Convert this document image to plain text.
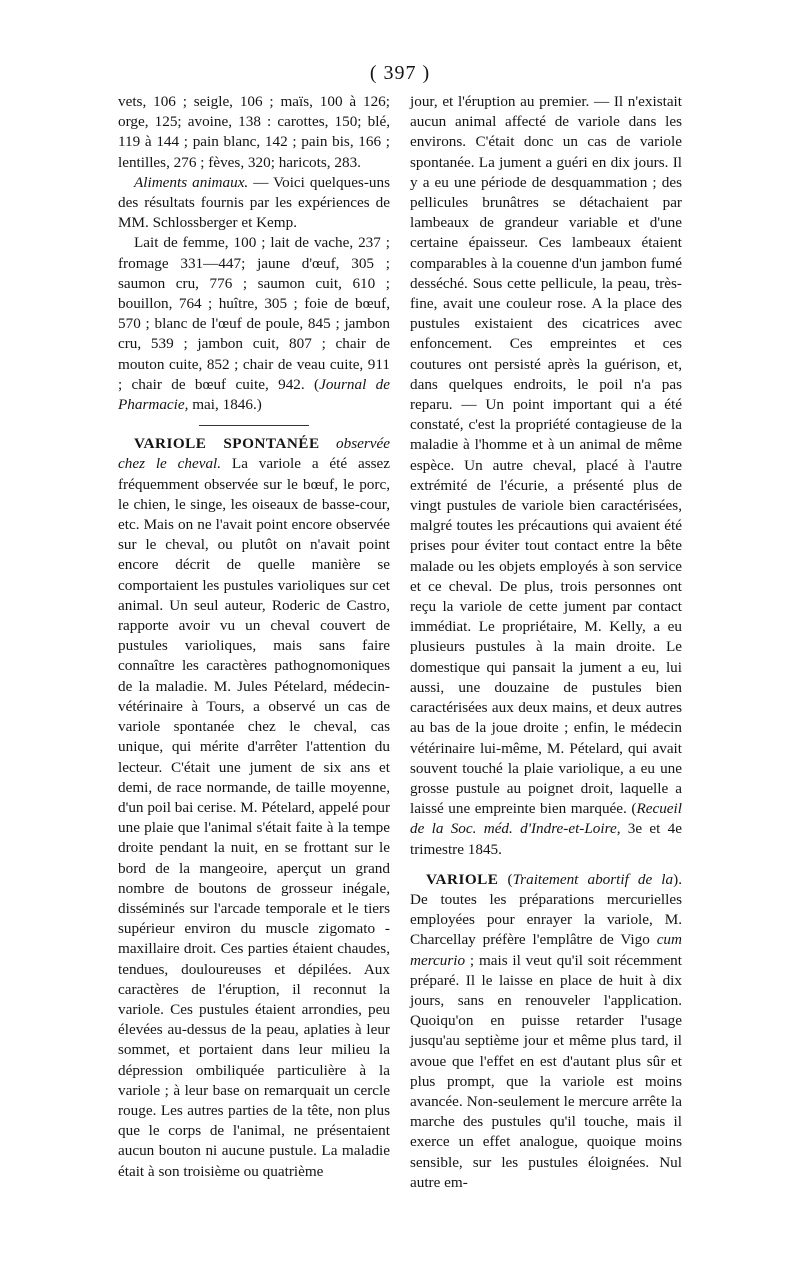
( 397 )

vets, 106 ; seigle, 106 ; maïs, 100 à 126; orge, 125; avoine, 138 : carottes, 150; blé, 119 à 144 ; pain blanc, 142 ; pain bis, 166 ; lentilles, 276 ; fèves, 320; haricots, 283.

Aliments animaux. — Voici quelques-uns des résultats fournis par les expériences de MM. Schlossberger et Kemp.

Lait de femme, 100 ; lait de vache, 237 ; fromage 331—447; jaune d'œuf, 305 ; saumon cru, 776 ; saumon cuit, 610 ; bouillon, 764 ; huître, 305 ; foie de bœuf, 570 ; blanc de l'œuf de poule, 845 ; jambon cru, 539 ; jambon cuit, 807 ; chair de mouton cuite, 852 ; chair de veau cuite, 911 ; chair de bœuf cuite, 942. (Journal de Pharmacie, mai, 1846.)

VARIOLE SPONTANÉE observée chez le cheval. La variole a été assez fréquemment observée sur le bœuf, le porc, le chien, le singe, les oiseaux de basse-cour, etc. Mais on ne l'avait point encore observée sur le cheval, ou plutôt on n'avait point encore décrit de quelle manière se comportaient les pustules varioliques sur cet animal. Un seul auteur, Roderic de Castro, rapporte avoir vu un cheval couvert de pustules varioliques, mais sans faire connaître les caractères pathognomoniques de la maladie. M. Jules Pételard, médecin-vétérinaire à Tours, a observé un cas de variole spontanée chez le cheval, cas unique, qui mérite d'arrêter l'attention du lecteur. C'était une jument de six ans et demi, de race normande, de taille moyenne, d'un poil bai cerise. M. Pételard, appelé pour une plaie que l'animal s'était faite à la tempe droite pendant la nuit, en se frottant sur le bord de la mangeoire, aperçut un grand nombre de boutons de grosseur inégale, disséminés sur l'arcade temporale et le tiers supérieur environ du muscle zigomato - maxillaire droit. Ces parties étaient chaudes, tendues, douloureuses et dépilées. Aux caractères de l'éruption, il reconnut la variole. Ces pustules étaient arrondies, peu élevées au-dessus de la peau, aplaties à leur sommet, et portaient dans leur milieu la dépression ombiliquée particulière à la variole ; à leur base on remarquait un cercle rouge. Les autres parties de la tête, non plus que le corps de l'animal, ne présentaient aucun bouton ni aucune pustule. La maladie était à son troisième ou quatrième

jour, et l'éruption au premier. — Il n'existait aucun animal affecté de variole dans les environs. C'était donc un cas de variole spontanée. La jument a guéri en dix jours. Il y a eu une période de desquammation ; des pellicules brunâtres se détachaient par lambeaux de grandeur variable et d'une certaine épaisseur. Ces lambeaux étaient comparables à la couenne d'un jambon fumé desséché. Sous cette pellicule, la peau, très-fine, avait une couleur rose. A la place des pustules existaient des cicatrices avec enfoncement. Ces empreintes et ces coutures ont persisté après la guérison, et, dans quelques endroits, le poil n'a pas reparu. — Un point important qui a été constaté, c'est la propriété contagieuse de la maladie à l'homme et à un animal de même espèce. Un autre cheval, placé à l'autre extrémité de l'écurie, a présenté plus de vingt pustules de variole bien caractérisées, malgré toutes les précautions qui avaient été prises pour éviter tout contact entre la bête malade ou les objets employés à son service et ce cheval. De plus, trois personnes ont reçu la variole de cette jument par contact immédiat. Le propriétaire, M. Kelly, a eu plusieurs pustules à la main droite. Le domestique qui pansait la jument a eu, lui aussi, une douzaine de pustules bien caractérisées aux deux mains, et deux autres au bas de la joue droite ; enfin, le médecin vétérinaire lui-même, M. Pételard, qui avait souvent touché la plaie variolique, a eu une grosse pustule au poignet droit, laquelle a laissé une empreinte bien marquée. (Recueil de la Soc. méd. d'Indre-et-Loire, 3e et 4e trimestre 1845.

VARIOLE (Traitement abortif de la). De toutes les préparations mercurielles employées pour enrayer la variole, M. Charcellay préfère l'emplâtre de Vigo cum mercurio ; mais il veut qu'il soit récemment préparé. Il le laisse en place de huit à dix jours, sans en renouveler l'application. Quoiqu'on en puisse retarder l'usage jusqu'au septième jour et même plus tard, il avoue que l'effet en est d'autant plus sûr et plus prompt, que la variole est moins avancée. Non-seulement le mercure arrête la marche des pustules qu'il touche, mais il exerce un effet analogue, quoique moins sensible, sur les pustules éloignées. Nul autre em-
